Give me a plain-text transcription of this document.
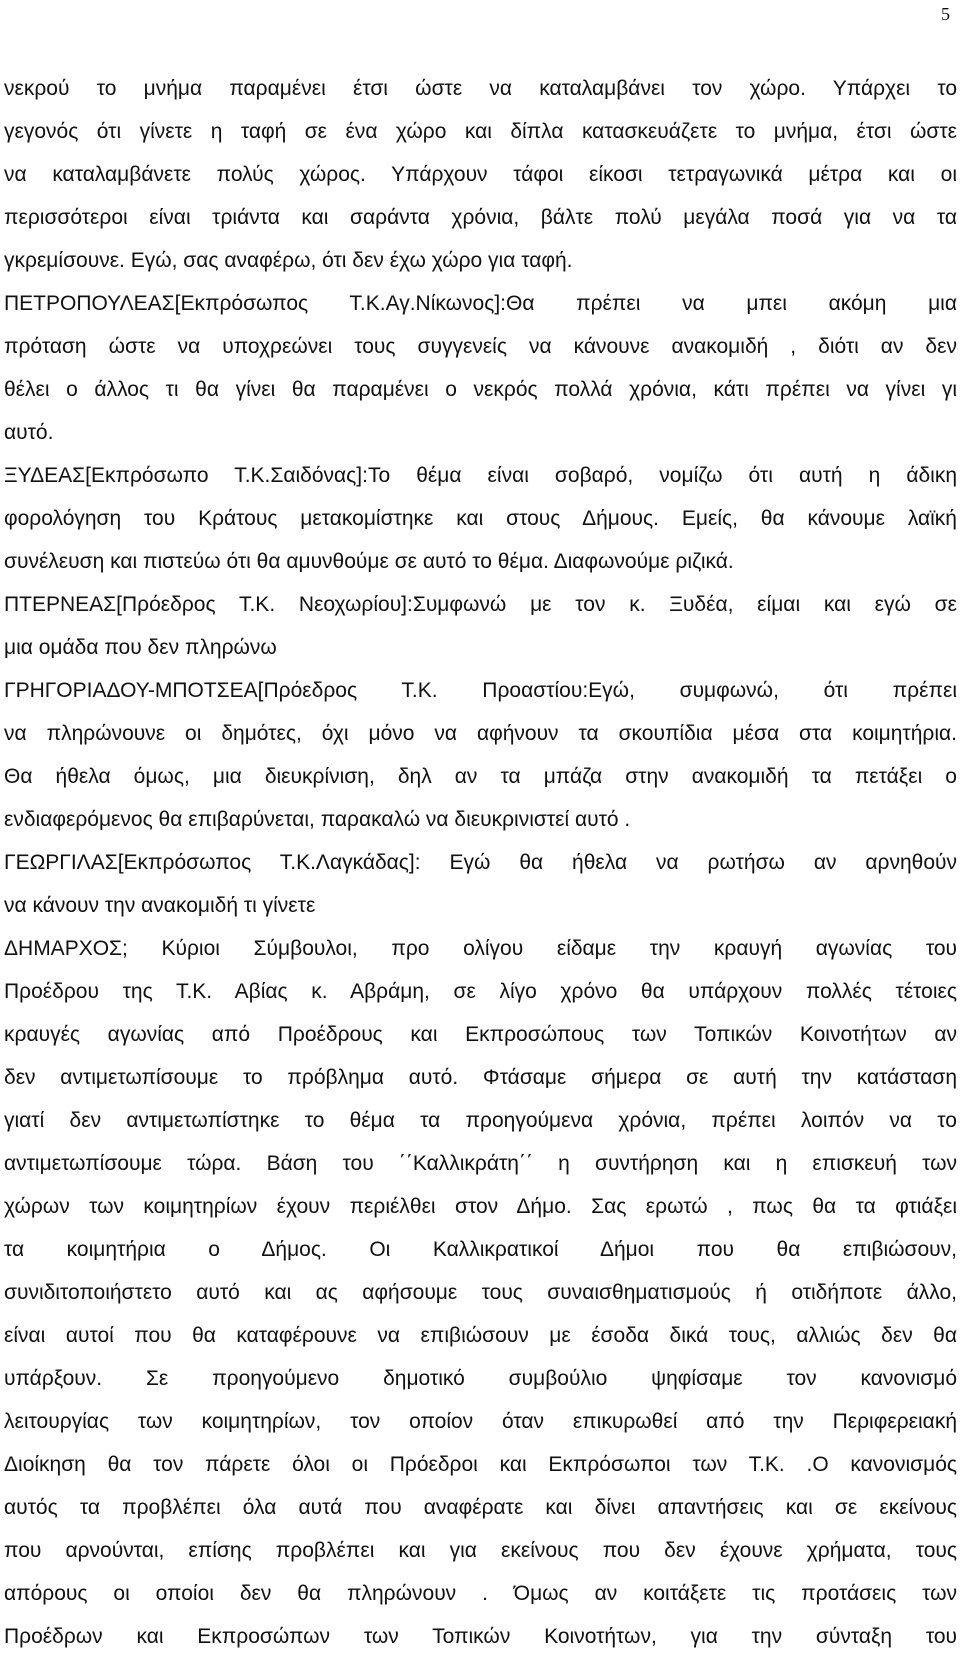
5
νεκρού το μνήμα παραμένει έτσι ώστε να καταλαμβάνει τον χώρο. Υπάρχει το
γεγονός ότι γίνετε η ταφή σε ένα χώρο και δίπλα κατασκευάζετε το μνήμα, έτσι ώστε
να καταλαμβάνετε πολύς χώρος. Υπάρχουν τάφοι είκοσι τετραγωνικά μέτρα και οι
περισσότεροι είναι τριάντα και σαράντα χρόνια, βάλτε πολύ μεγάλα ποσά για να τα
γκρεμίσουνε. Εγώ, σας αναφέρω, ότι δεν έχω χώρο για ταφή.
ΠΕΤΡΟΠΟΥΛΕΑΣ[Εκπρόσωπος Τ.Κ.Αγ.Νίκωνος]:Θα πρέπει να μπει ακόμη μια
πρόταση ώστε να υποχρεώνει τους συγγενείς να κάνουνε ανακομιδή , διότι αν δεν
θέλει ο άλλος τι θα γίνει θα παραμένει ο νεκρός πολλά χρόνια, κάτι πρέπει να γίνει γι
αυτό.
ΞΥΔΕΑΣ[Εκπρόσωπο Τ.Κ.Σαιδόνας]:Το θέμα είναι σοβαρό, νομίζω ότι αυτή η άδικη
φορολόγηση του Κράτους μετακομίστηκε και στους Δήμους. Εμείς, θα κάνουμε λαϊκή
συνέλευση και πιστεύω ότι θα αμυνθούμε σε αυτό το θέμα. Διαφωνούμε ριζικά.
ΠΤΕΡΝΕΑΣ[Πρόεδρος Τ.Κ. Νεοχωρίου]:Συμφωνώ με τον κ. Ξυδέα, είμαι και εγώ σε
μια ομάδα που δεν πληρώνω
ΓΡΗΓΟΡΙΑΔΟΥ-ΜΠΟΤΣΕΑ[Πρόεδρος Τ.Κ. Προαστίου:Εγώ, συμφωνώ, ότι πρέπει
να πληρώνουνε οι δημότες, όχι μόνο να αφήνουν τα σκουπίδια μέσα στα κοιμητήρια.
Θα ήθελα όμως, μια διευκρίνιση, δηλ αν τα μπάζα στην ανακομιδή τα πετάξει ο
ενδιαφερόμενος θα επιβαρύνεται, παρακαλώ να διευκρινιστεί αυτό .
ΓΕΩΡΓΙΛΑΣ[Εκπρόσωπος Τ.Κ.Λαγκάδας]: Εγώ θα ήθελα να ρωτήσω αν αρνηθούν
να κάνουν την ανακομιδή τι γίνετε
ΔΗΜΑΡΧΟΣ; Κύριοι Σύμβουλοι, προ ολίγου είδαμε την κραυγή αγωνίας του
Προέδρου της Τ.Κ. Αβίας κ. Αβράμη, σε λίγο χρόνο θα υπάρχουν πολλές τέτοιες
κραυγές αγωνίας από Προέδρους και Εκπροσώπους των Τοπικών Κοινοτήτων αν
δεν αντιμετωπίσουμε το πρόβλημα αυτό. Φτάσαμε σήμερα σε αυτή την κατάσταση
γιατί δεν αντιμετωπίστηκε το θέμα τα προηγούμενα χρόνια, πρέπει λοιπόν να το
αντιμετωπίσουμε τώρα. Βάση του ΄΄Καλλικράτη΄΄ η συντήρηση και η επισκευή των
χώρων των κοιμητηρίων έχουν περιέλθει στον Δήμο. Σας ερωτώ , πως θα τα φτιάξει
τα κοιμητήρια ο Δήμος. Οι Καλλικρατικοί Δήμοι που θα επιβιώσουν,
συνιδιτοποιήστετο αυτό και ας αφήσουμε τους συναισθηματισμούς ή οτιδήποτε άλλο,
είναι αυτοί που θα καταφέρουνε να επιβιώσουν με έσοδα δικά τους, αλλιώς δεν θα
υπάρξουν. Σε προηγούμενο δημοτικό συμβούλιο ψηφίσαμε τον κανονισμό
λειτουργίας των κοιμητηρίων, τον οποίον όταν επικυρωθεί από την Περιφερειακή
Διοίκηση θα τον πάρετε όλοι οι Πρόεδροι και Εκπρόσωποι των Τ.Κ. .Ο κανονισμός
αυτός τα προβλέπει όλα αυτά που αναφέρατε και δίνει απαντήσεις και σε εκείνους
που αρνούνται, επίσης προβλέπει και για εκείνους που δεν έχουνε χρήματα, τους
απόρους οι οποίοι δεν θα πληρώνουν . Όμως αν κοιτάξετε τις προτάσεις των
Προέδρων και Εκπροσώπων των Τοπικών Κοινοτήτων, για την σύνταξη του
